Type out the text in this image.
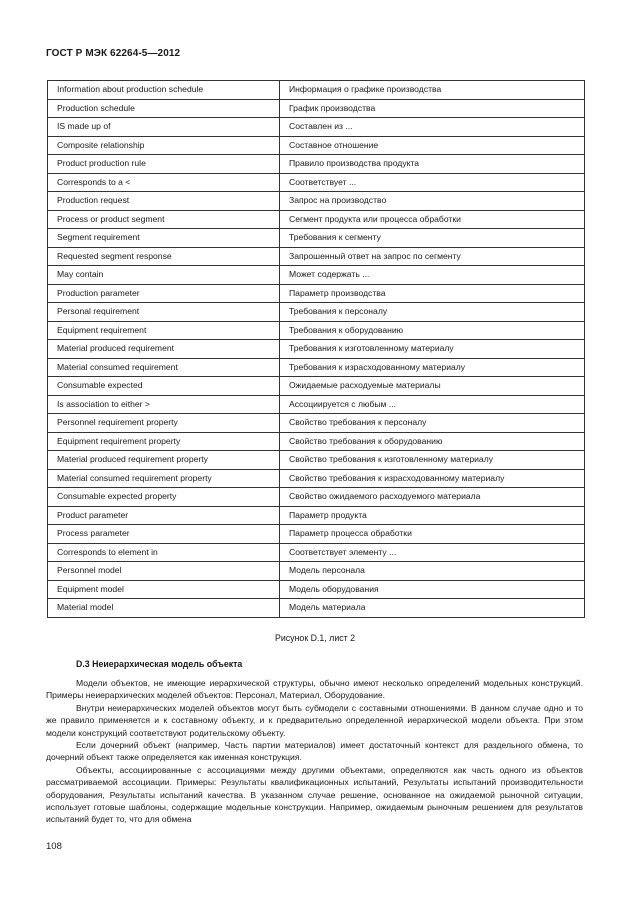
ГОСТ Р МЭК 62264-5—2012
Information about production schedule	Информация о графике производства
Production schedule	График производства
IS made up of	Составлен из ...
Composite relationship	Составное отношение
Product production rule	Правило производства продукта
Corresponds to a <	Соответствует ...
Production request	Запрос на производство
Process or product segment	Сегмент продукта или процесса обработки
Segment requirement	Требования к сегменту
Requested segment response	Запрошенный ответ на запрос по сегменту
May contain	Может содержать ...
Production parameter	Параметр производства
Personal requirement	Требования к персоналу
Equipment requirement	Требования к оборудованию
Material produced requirement	Требования к изготовленному материалу
Material consumed requirement	Требования к израсходованному материалу
Consumable expected	Ожидаемые расходуемые материалы
Is association to either >	Ассоциируется с любым ...
Personnel requirement property	Свойство требования к персоналу
Equipment requirement property	Свойство требования к оборудованию
Material produced requirement property	Свойство требования к изготовленному материалу
Material consumed requirement property	Свойство требования к израсходованному материалу
Consumable expected property	Свойство ожидаемого расходуемого материала
Product parameter	Параметр продукта
Process parameter	Параметр процесса обработки
Corresponds to element in	Соответствует элементу ...
Personnel model	Модель персонала
Equipment model	Модель оборудования
Material model	Модель материала
Рисунок D.1, лист 2
D.3 Неиерархическая модель объекта

Модели объектов, не имеющие иерархической структуры, обычно имеют несколько определений модельных конструкций. Примеры неиерархических моделей объектов: Персонал, Материал, Оборудование.

Внутри неиерархических моделей объектов могут быть субмодели с составными отношениями. В данном случае одно и то же правило применяется и к составному объекту, и к предварительно определенной иерархической модели объекта. При этом модели конструкций соответствуют родительскому объекту.

Если дочерний объект (например, Часть партии материалов) имеет достаточный контекст для раздельного обмена, то дочерний объект также определяется как именная конструкция.

Объекты, ассоциированные с ассоциациями между другими объектами, определяются как часть одного из объектов рассматриваемой ассоциации. Примеры: Результаты квалификационных испытаний, Результаты испытаний производительности оборудования, Результаты испытаний качества. В указанном случае решение, основанное на ожидаемой рыночной ситуации, использует готовые шаблоны, содержащие модельные конструкции. Например, ожидаемым рыночным решением для результатов испытаний будет то, что для обмена

108
